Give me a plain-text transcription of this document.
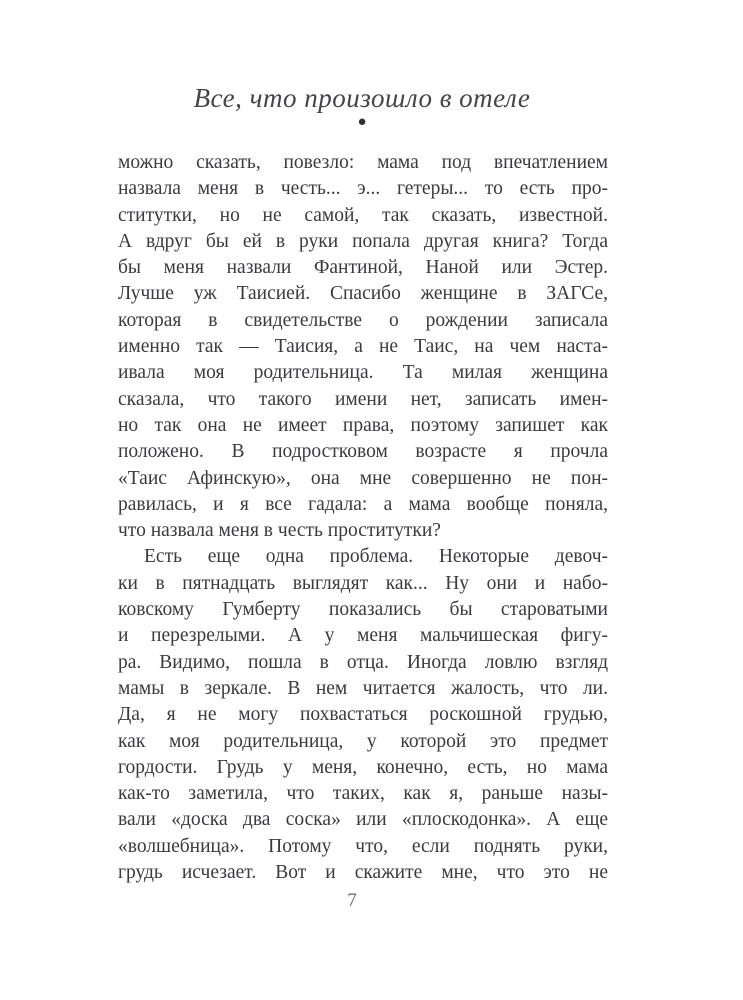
Все, что произошло в отеле
●
можно сказать, повезло: мама под впечатлением
назвала меня в честь... э... гетеры... то есть про-
ститутки, но не самой, так сказать, известной.
А вдруг бы ей в руки попала другая книга? Тогда
бы меня назвали Фантиной, Наной или Эстер.
Лучше уж Таисией. Спасибо женщине в ЗАГСе,
которая в свидетельстве о рождении записала
именно так — Таисия, а не Таис, на чем наста-
ивала моя родительница. Та милая женщина
сказала, что такого имени нет, записать имен-
но так она не имеет права, поэтому запишет как
положено. В подростковом возрасте я прочла
«Таис Афинскую», она мне совершенно не пон-
равилась, и я все гадала: а мама вообще поняла,
что назвала меня в честь проститутки?
Есть еще одна проблема. Некоторые девоч-
ки в пятнадцать выглядят как... Ну они и набо-
ковскому Гумберту показались бы староватыми
и перезрелыми. А у меня мальчишеская фигу-
ра. Видимо, пошла в отца. Иногда ловлю взгляд
мамы в зеркале. В нем читается жалость, что ли.
Да, я не могу похвастаться роскошной грудью,
как моя родительница, у которой это предмет
гордости. Грудь у меня, конечно, есть, но мама
как-то заметила, что таких, как я, раньше назы-
вали «доска два соска» или «плоскодонка». А еще
«волшебница». Потому что, если поднять руки,
грудь исчезает. Вот и скажите мне, что это не
7
